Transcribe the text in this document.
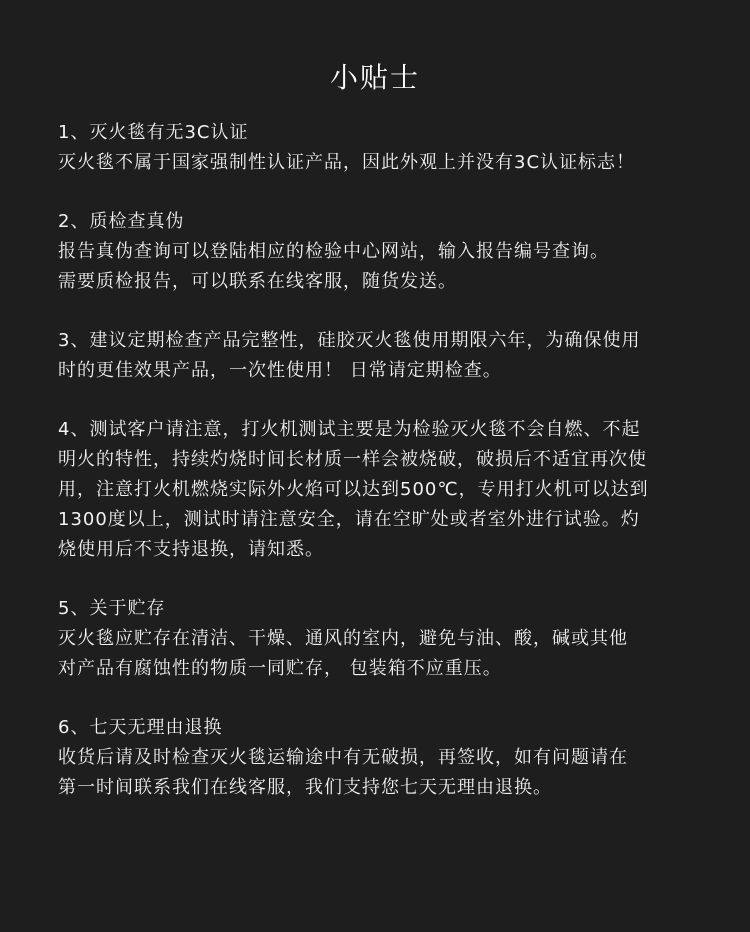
小贴士

1、灭火毯有无3C认证

灭火毯不属于国家强制性认证产品，因此外观上并没有3C认证标志！

2、质检查真伪

报告真伪查询可以登陆相应的检验中心网站，输入报告编号查询。

需要质检报告，可以联系在线客服，随货发送。

3、建议定期检查产品完整性，硅胶灭火毯使用期限六年，为确保使用

时的更佳效果产品，一次性使用！ 日常请定期检查。

4、测试客户请注意，打火机测试主要是为检验灭火毯不会自燃、不起

明火的特性，持续灼烧时间长材质一样会被烧破，破损后不适宜再次使

用，注意打火机燃烧实际外火焰可以达到500℃，专用打火机可以达到

1300度以上，测试时请注意安全，请在空旷处或者室外进行试验。灼

烧使用后不支持退换，请知悉。

5、关于贮存

灭火毯应贮存在清洁、干燥、通风的室内，避免与油、酸，碱或其他

对产品有腐蚀性的物质一同贮存， 包装箱不应重压。

6、七天无理由退换

收货后请及时检查灭火毯运输途中有无破损，再签收，如有问题请在

第一时间联系我们在线客服，我们支持您七天无理由退换。
